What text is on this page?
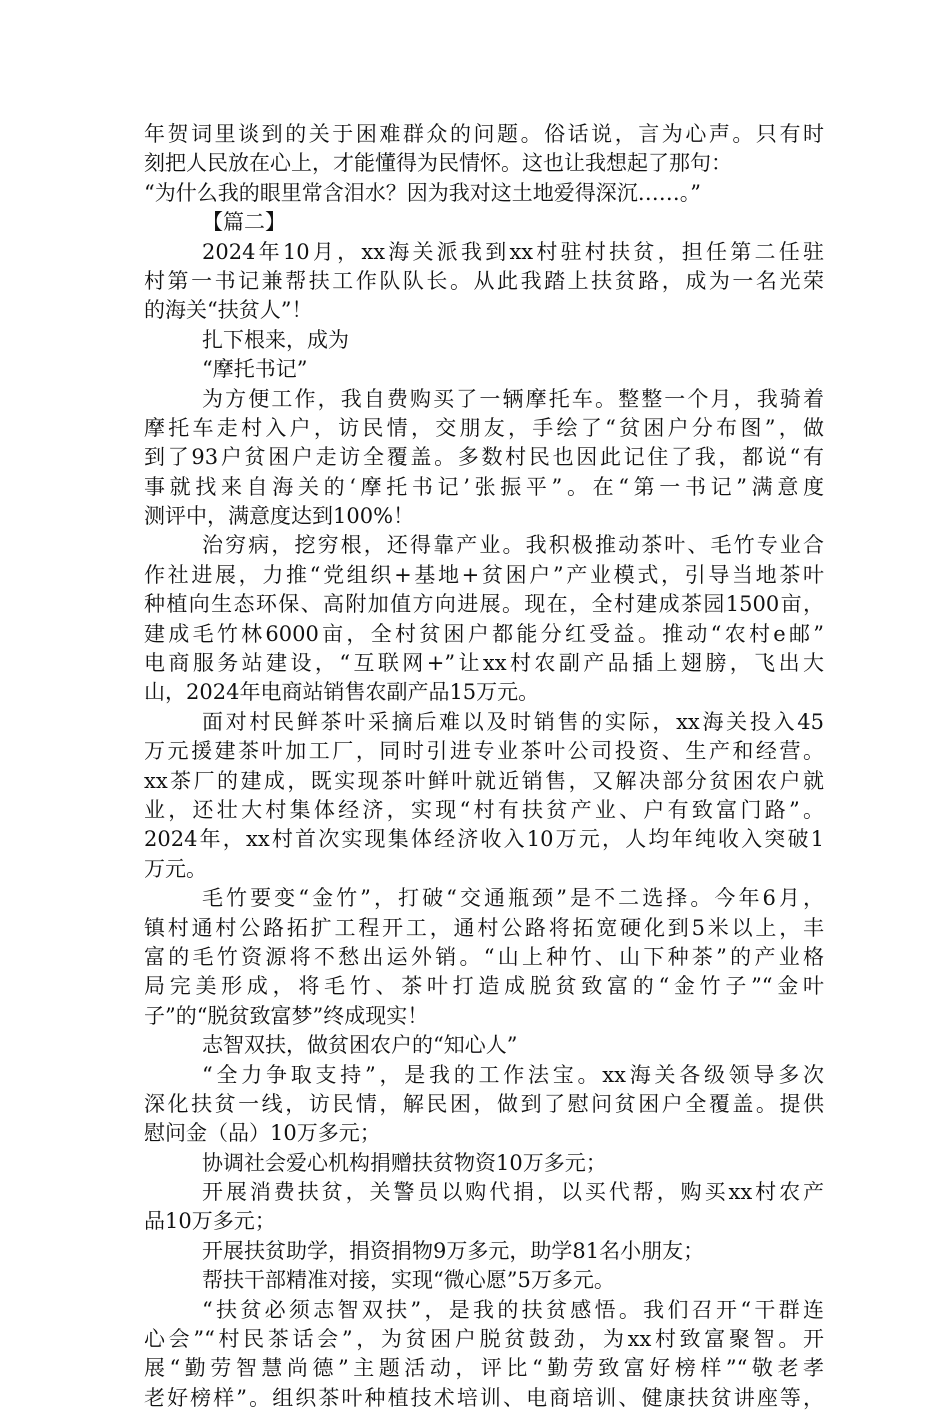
年贺词里谈到的关于困难群众的问题。俗话说，言为心声。只有时
刻把人民放在心上，才能懂得为民情怀。这也让我想起了那句：
“为什么我的眼里常含泪水？因为我对这土地爱得深沉……。”
【篇二】
2024年10月，xx海关派我到xx村驻村扶贫，担任第二任驻
村第一书记兼帮扶工作队队长。从此我踏上扶贫路，成为一名光荣
的海关“扶贫人”！
扎下根来，成为
“摩托书记”
为方便工作，我自费购买了一辆摩托车。整整一个月，我骑着
摩托车走村入户，访民情，交朋友，手绘了“贫困户分布图”，做
到了93户贫困户走访全覆盖。多数村民也因此记住了我，都说“有
事就找来自海关的‘摩托书记’张振平”。在“第一书记”满意度
测评中，满意度达到100%！
治穷病，挖穷根，还得靠产业。我积极推动茶叶、毛竹专业合
作社进展，力推“党组织+基地+贫困户”产业模式，引导当地茶叶
种植向生态环保、高附加值方向进展。现在，全村建成茶园1500亩，
建成毛竹林6000亩，全村贫困户都能分红受益。推动“农村e邮”
电商服务站建设，“互联网+”让xx村农副产品插上翅膀，飞出大
山，2024年电商站销售农副产品15万元。
面对村民鲜茶叶采摘后难以及时销售的实际，xx海关投入45
万元援建茶叶加工厂，同时引进专业茶叶公司投资、生产和经营。
xx茶厂的建成，既实现茶叶鲜叶就近销售，又解决部分贫困农户就
业，还壮大村集体经济，实现“村有扶贫产业、户有致富门路”。
2024年，xx村首次实现集体经济收入10万元，人均年纯收入突破1
万元。
毛竹要变“金竹”，打破“交通瓶颈”是不二选择。今年6月，
镇村通村公路拓扩工程开工，通村公路将拓宽硬化到5米以上，丰
富的毛竹资源将不愁出运外销。“山上种竹、山下种茶”的产业格
局完美形成，将毛竹、茶叶打造成脱贫致富的“金竹子”“金叶
子”的“脱贫致富梦”终成现实！
志智双扶，做贫困农户的“知心人”
“全力争取支持”，是我的工作法宝。xx海关各级领导多次
深化扶贫一线，访民情，解民困，做到了慰问贫困户全覆盖。提供
慰问金（品）10万多元；
协调社会爱心机构捐赠扶贫物资10万多元；
开展消费扶贫，关警员以购代捐，以买代帮，购买xx村农产
品10万多元；
开展扶贫助学，捐资捐物9万多元，助学81名小朋友；
帮扶干部精准对接，实现“微心愿”5万多元。
“扶贫必须志智双扶”，是我的扶贫感悟。我们召开“干群连
心会”“村民茶话会”，为贫困户脱贫鼓劲，为xx村致富聚智。开
展“勤劳智慧尚德”主题活动，评比“勤劳致富好榜样”“敬老孝
老好榜样”。组织茶叶种植技术培训、电商培训、健康扶贫讲座等，
